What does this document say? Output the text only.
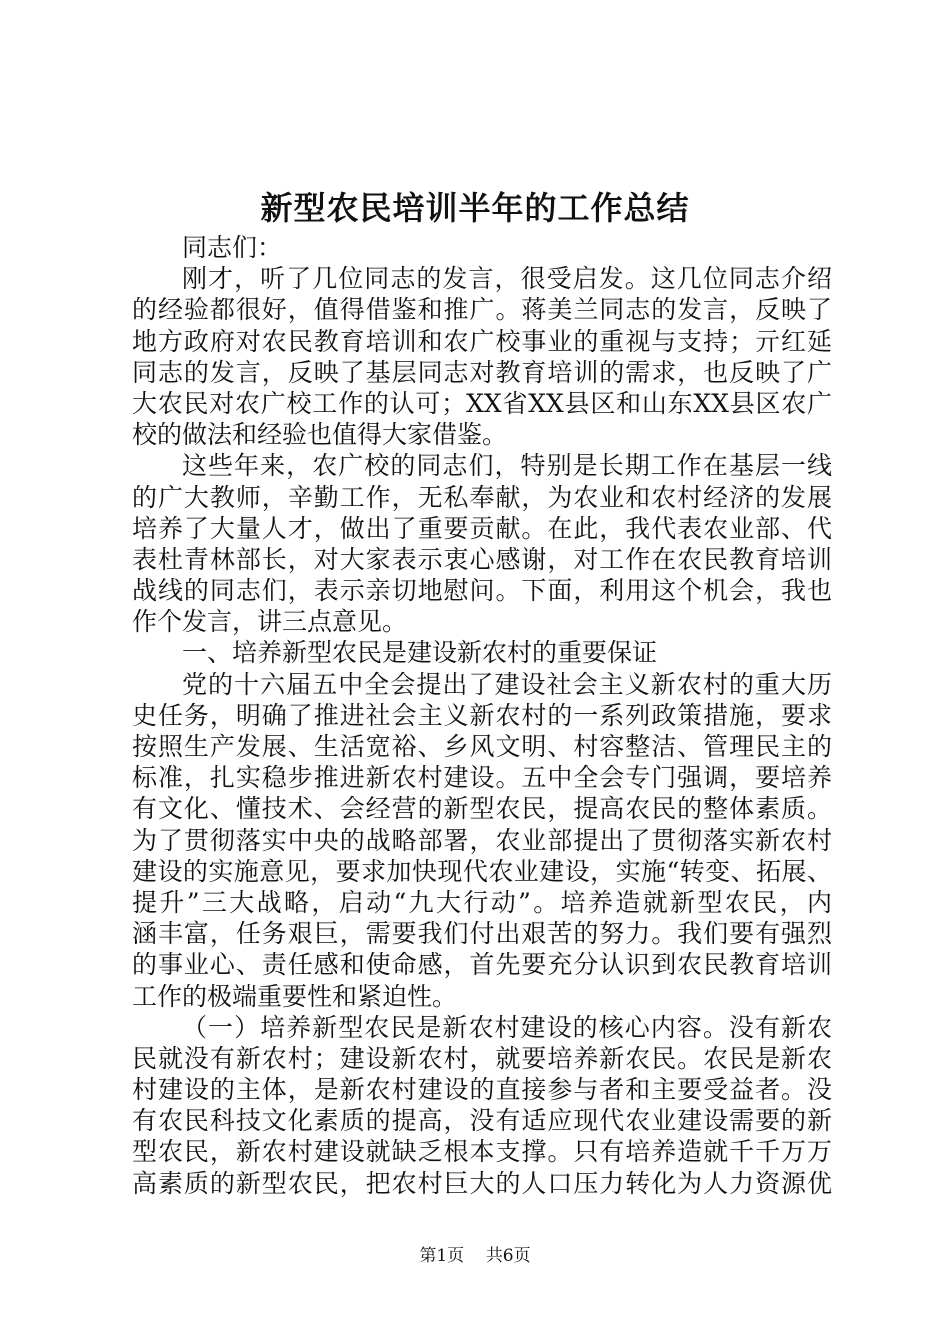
新型农民培训半年的工作总结
同志们：
刚才，听了几位同志的发言，很受启发。这几位同志介绍
的经验都很好，值得借鉴和推广。蒋美兰同志的发言，反映了
地方政府对农民教育培训和农广校事业的重视与支持；亓红延
同志的发言，反映了基层同志对教育培训的需求，也反映了广
大农民对农广校工作的认可；XX省XX县区和山东XX县区农广
校的做法和经验也值得大家借鉴。
这些年来，农广校的同志们，特别是长期工作在基层一线
的广大教师，辛勤工作，无私奉献，为农业和农村经济的发展
培养了大量人才，做出了重要贡献。在此，我代表农业部、代
表杜青林部长，对大家表示衷心感谢，对工作在农民教育培训
战线的同志们，表示亲切地慰问。下面，利用这个机会，我也
作个发言，讲三点意见。
一、培养新型农民是建设新农村的重要保证
党的十六届五中全会提出了建设社会主义新农村的重大历
史任务，明确了推进社会主义新农村的一系列政策措施，要求
按照生产发展、生活宽裕、乡风文明、村容整洁、管理民主的
标准，扎实稳步推进新农村建设。五中全会专门强调，要培养
有文化、懂技术、会经营的新型农民，提高农民的整体素质。
为了贯彻落实中央的战略部署，农业部提出了贯彻落实新农村
建设的实施意见，要求加快现代农业建设，实施“转变、拓展、
提升”三大战略，启动“九大行动”。培养造就新型农民，内
涵丰富，任务艰巨，需要我们付出艰苦的努力。我们要有强烈
的事业心、责任感和使命感，首先要充分认识到农民教育培训
工作的极端重要性和紧迫性。
（一）培养新型农民是新农村建设的核心内容。没有新农
民就没有新农村；建设新农村，就要培养新农民。农民是新农
村建设的主体，是新农村建设的直接参与者和主要受益者。没
有农民科技文化素质的提高，没有适应现代农业建设需要的新
型农民，新农村建设就缺乏根本支撑。只有培养造就千千万万
高素质的新型农民，把农村巨大的人口压力转化为人力资源优
第1页 共6页
